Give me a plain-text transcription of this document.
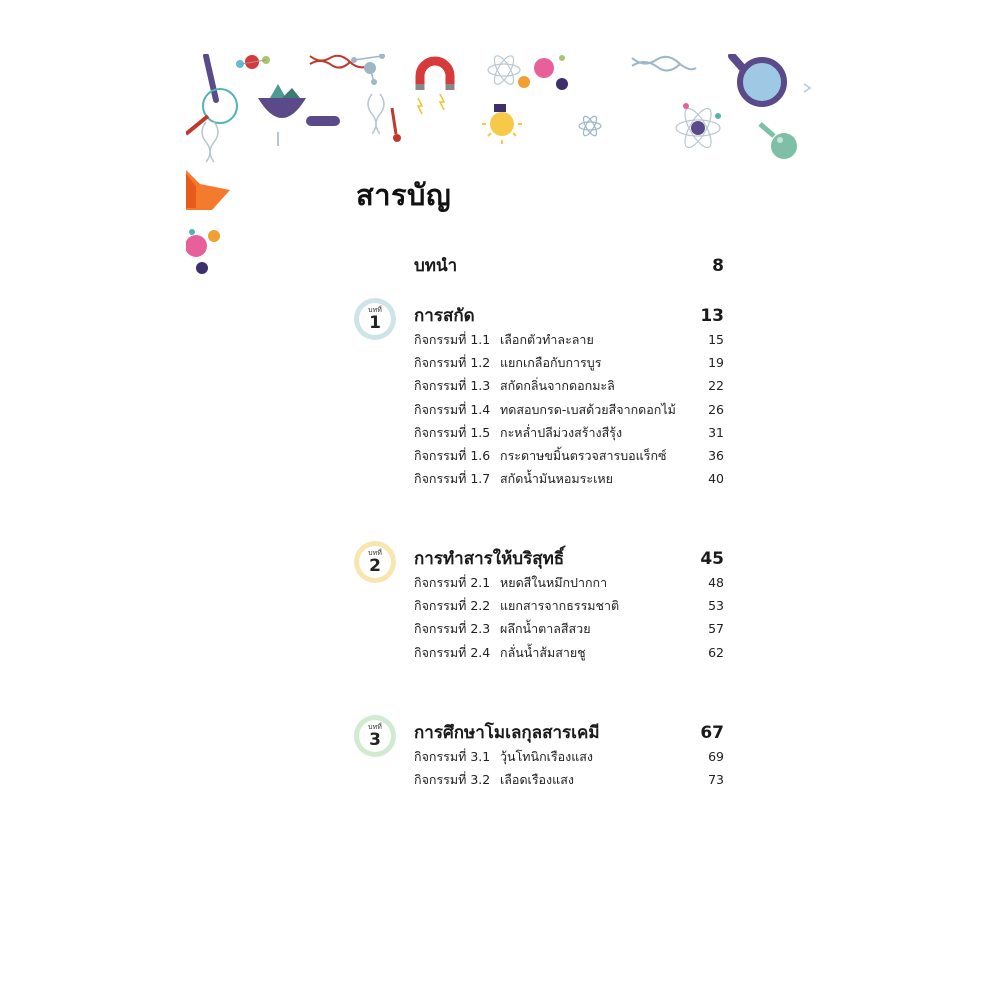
สารบัญ
บทนำ	8
บทที่
1 การสกัด	13
กิจกรรมที่ 1.1 เลือกตัวทำละลาย	15
กิจกรรมที่ 1.2 แยกเกลือกับการบูร	19
กิจกรรมที่ 1.3 สกัดกลิ่นจากดอกมะลิ	22
กิจกรรมที่ 1.4 ทดสอบกรด-เบสด้วยสีจากดอกไม้	26
กิจกรรมที่ 1.5 กะหล่ำปลีม่วงสร้างสีรุ้ง	31
กิจกรรมที่ 1.6 กระดาษขมิ้นตรวจสารบอแร็กซ์	36
กิจกรรมที่ 1.7 สกัดน้ำมันหอมระเหย	40
บทที่
2 การทำสารให้บริสุทธิ์	45
กิจกรรมที่ 2.1 หยดสีในหมึกปากกา	48
กิจกรรมที่ 2.2 แยกสารจากธรรมชาติ	53
กิจกรรมที่ 2.3 ผลึกน้ำตาลสีสวย	57
กิจกรรมที่ 2.4 กลั่นน้ำส้มสายชู	62
บทที่
3 การศึกษาโมเลกุลสารเคมี	67
กิจกรรมที่ 3.1 วุ้นโทนิกเรืองแสง	69
กิจกรรมที่ 3.2 เลือดเรืองแสง	73
